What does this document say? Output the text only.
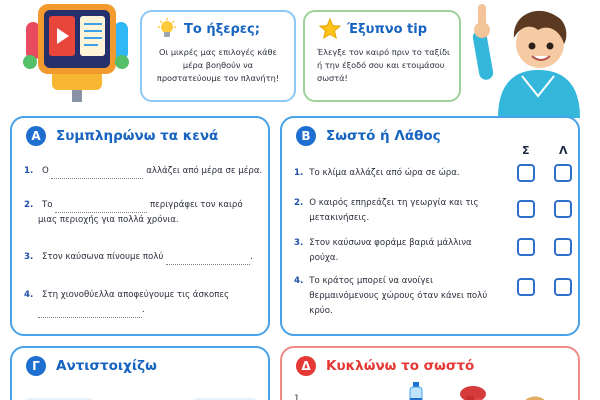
Το ήξερες;

Οι μικρές μας επιλογές κάθε μέρα βοηθούν να προστατεύουμε τον πλανήτη!

Έξυπνο tip

Έλεγξε τον καιρό πριν το ταξίδι ή την έξοδό σου και ετοιμάσου σωστά!

Α	Συμπληρώνω τα κενά
1. Ο	αλλάζει από μέρα σε μέρα.
2. Το	περιγράφει τον καιρό
μιας περιοχής για πολλά χρόνια.
3. Στον καύσωνα πίνουμε πολύ	.
4. Στη χιονοθύελλα αποφεύγουμε τις άσκοπες
.
Β	Σωστό ή Λάθος
Σ	Λ
1. Το κλίμα αλλάζει από ώρα σε ώρα.
2. Ο καιρός επηρεάζει τη γεωργία και τις μετακινήσεις.
3. Στον καύσωνα φοράμε βαριά μάλλινα ρούχα.
4. Το κράτος μπορεί να ανοίγει θερμαινόμενους χώρους όταν κάνει πολύ κρύο.
Γ	Αντιστοιχίζω	Δ	Κυκλώνω το σωστό
1.
